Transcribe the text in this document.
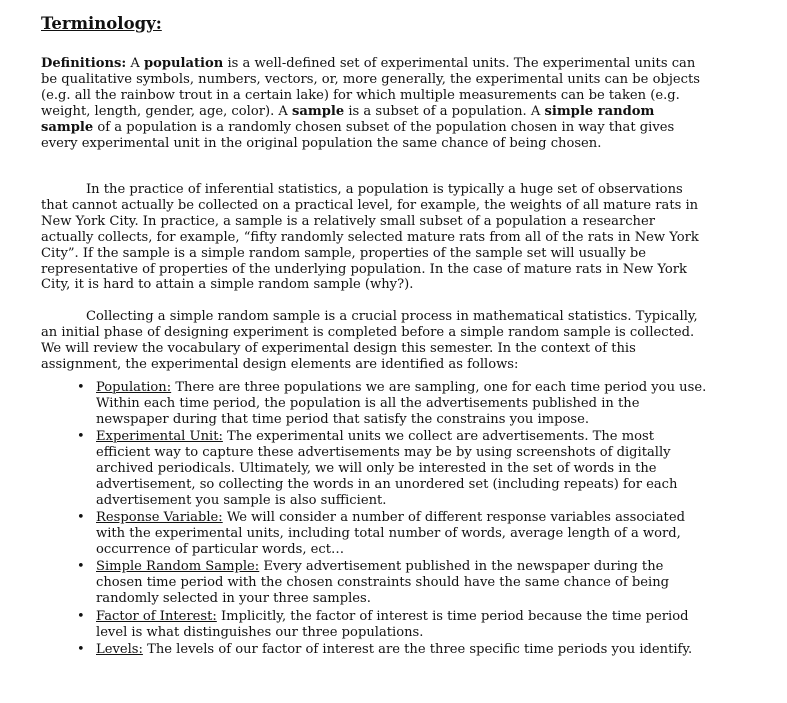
Terminology:

Definitions: A population is a well-defined set of experimental units. The experimental units can be qualitative symbols, numbers, vectors, or, more generally, the experimental units can be objects (e.g. all the rainbow trout in a certain lake) for which multiple measurements can be taken (e.g. weight, length, gender, age, color). A sample is a subset of a population. A simple random sample of a population is a randomly chosen subset of the population chosen in way that gives every experimental unit in the original population the same chance of being chosen.

In the practice of inferential statistics, a population is typically a huge set of observations that cannot actually be collected on a practical level, for example, the weights of all mature rats in New York City. In practice, a sample is a relatively small subset of a population a researcher actually collects, for example, “fifty randomly selected mature rats from all of the rats in New York City”. If the sample is a simple random sample, properties of the sample set will usually be representative of properties of the underlying population. In the case of mature rats in New York City, it is hard to attain a simple random sample (why?).

Collecting a simple random sample is a crucial process in mathematical statistics. Typically, an initial phase of designing experiment is completed before a simple random sample is collected. We will review the vocabulary of experimental design this semester. In the context of this assignment, the experimental design elements are identified as follows:

• Population: There are three populations we are sampling, one for each time period you use. Within each time period, the population is all the advertisements published in the newspaper during that time period that satisfy the constrains you impose.
• Experimental Unit: The experimental units we collect are advertisements. The most efficient way to capture these advertisements may be by using screenshots of digitally archived periodicals. Ultimately, we will only be interested in the set of words in the advertisement, so collecting the words in an unordered set (including repeats) for each advertisement you sample is also sufficient.
• Response Variable: We will consider a number of different response variables associated with the experimental units, including total number of words, average length of a word, occurrence of particular words, ect…
• Simple Random Sample: Every advertisement published in the newspaper during the chosen time period with the chosen constraints should have the same chance of being randomly selected in your three samples.
• Factor of Interest: Implicitly, the factor of interest is time period because the time period level is what distinguishes our three populations.
• Levels: The levels of our factor of interest are the three specific time periods you identify.
